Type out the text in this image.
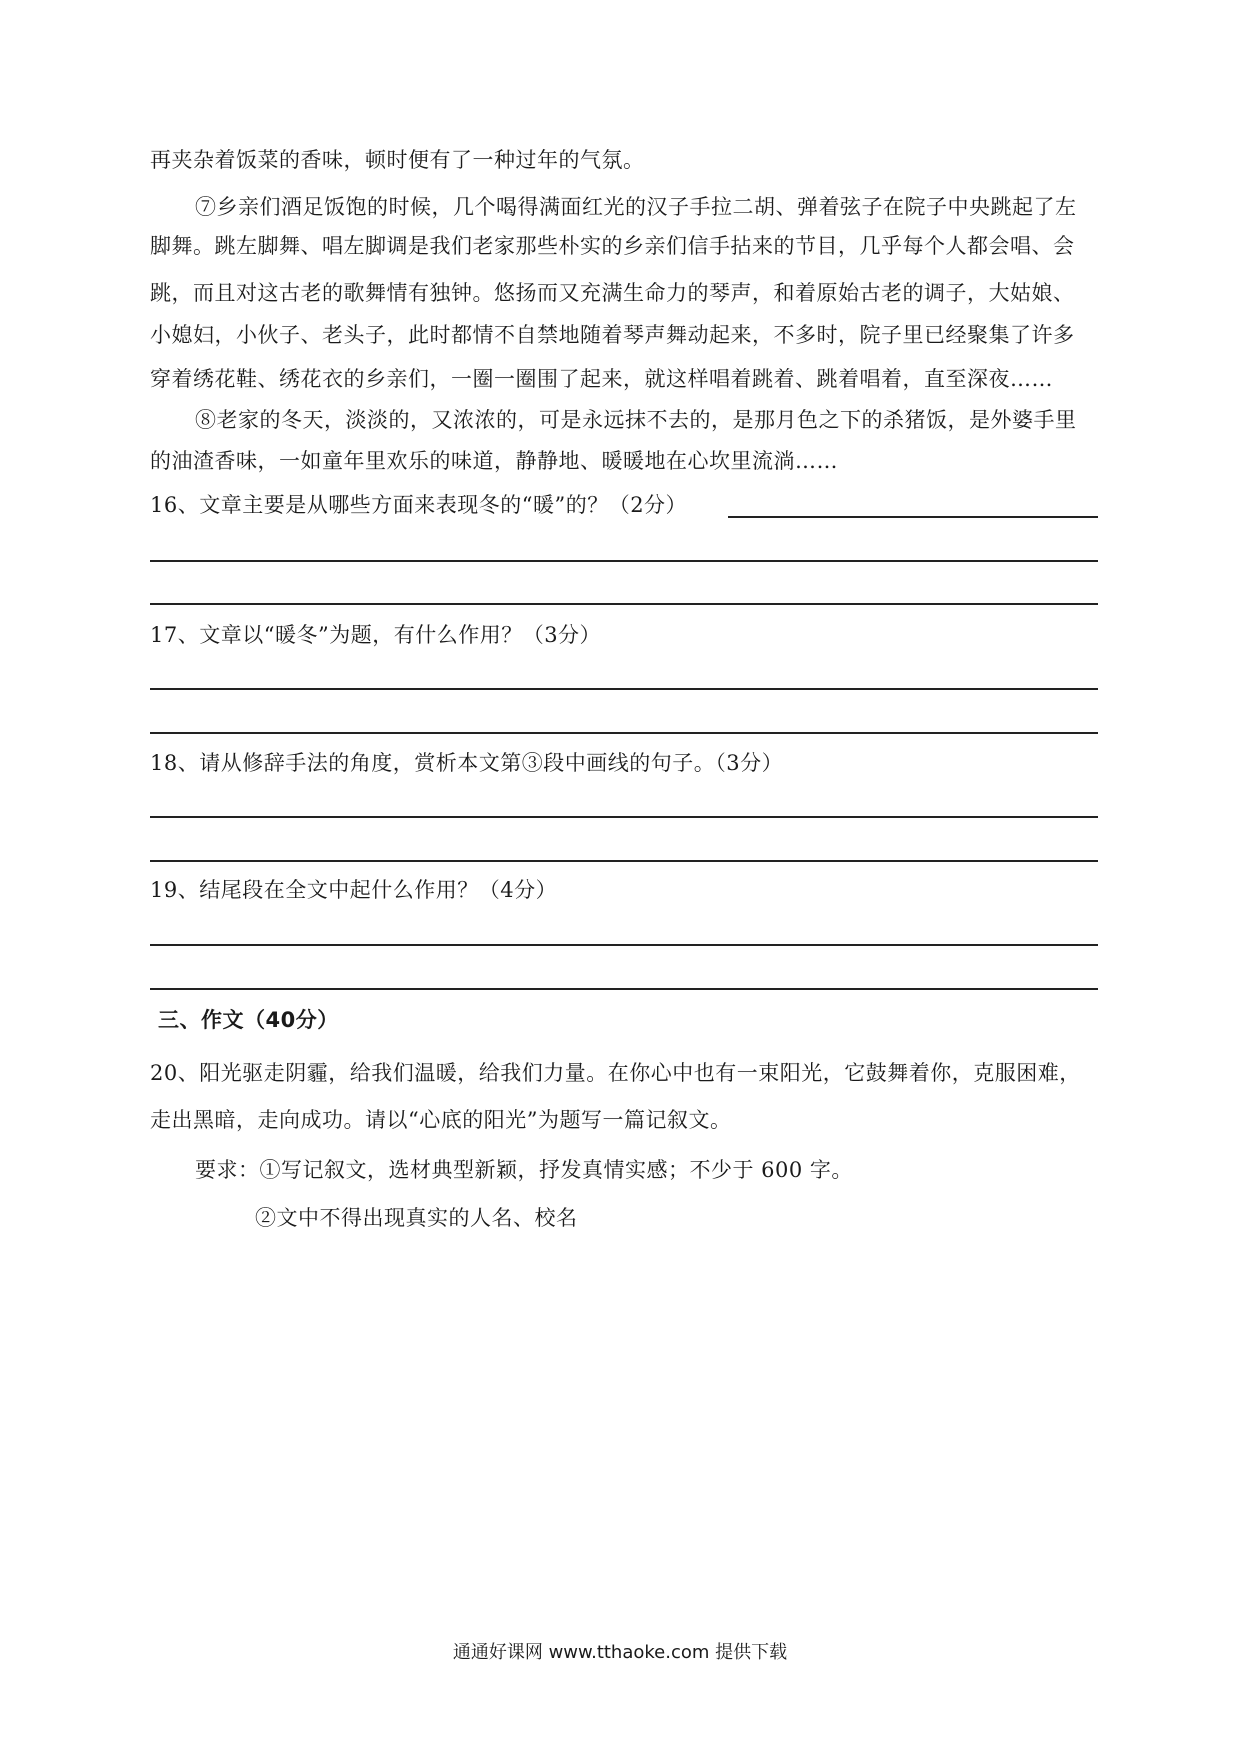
再夹杂着饭菜的香味，顿时便有了一种过年的气氛。
⑦乡亲们酒足饭饱的时候，几个喝得满面红光的汉子手拉二胡、弹着弦子在院子中央跳起了左
脚舞。跳左脚舞、唱左脚调是我们老家那些朴实的乡亲们信手拈来的节目，几乎每个人都会唱、会
跳，而且对这古老的歌舞情有独钟。悠扬而又充满生命力的琴声，和着原始古老的调子，大姑娘、
小媳妇，小伙子、老头子，此时都情不自禁地随着琴声舞动起来，不多时，院子里已经聚集了许多
穿着绣花鞋、绣花衣的乡亲们，一圈一圈围了起来，就这样唱着跳着、跳着唱着，直至深夜……
⑧老家的冬天，淡淡的，又浓浓的，可是永远抹不去的，是那月色之下的杀猪饭，是外婆手里
的油渣香味，一如童年里欢乐的味道，静静地、暖暖地在心坎里流淌……
16、文章主要是从哪些方面来表现冬的“暖”的？（2分）
17、文章以“暖冬”为题，有什么作用？（3分）
18、请从修辞手法的角度，赏析本文第③段中画线的句子。（3分）
19、结尾段在全文中起什么作用？（4分）
三、作文（40分）
20、阳光驱走阴霾，给我们温暖，给我们力量。在你心中也有一束阳光，它鼓舞着你，克服困难，
走出黑暗，走向成功。请以“心底的阳光”为题写一篇记叙文。
要求：①写记叙文，选材典型新颖，抒发真情实感；不少于 600 字。
②文中不得出现真实的人名、校名
通通好课网 www.tthaoke.com 提供下载
